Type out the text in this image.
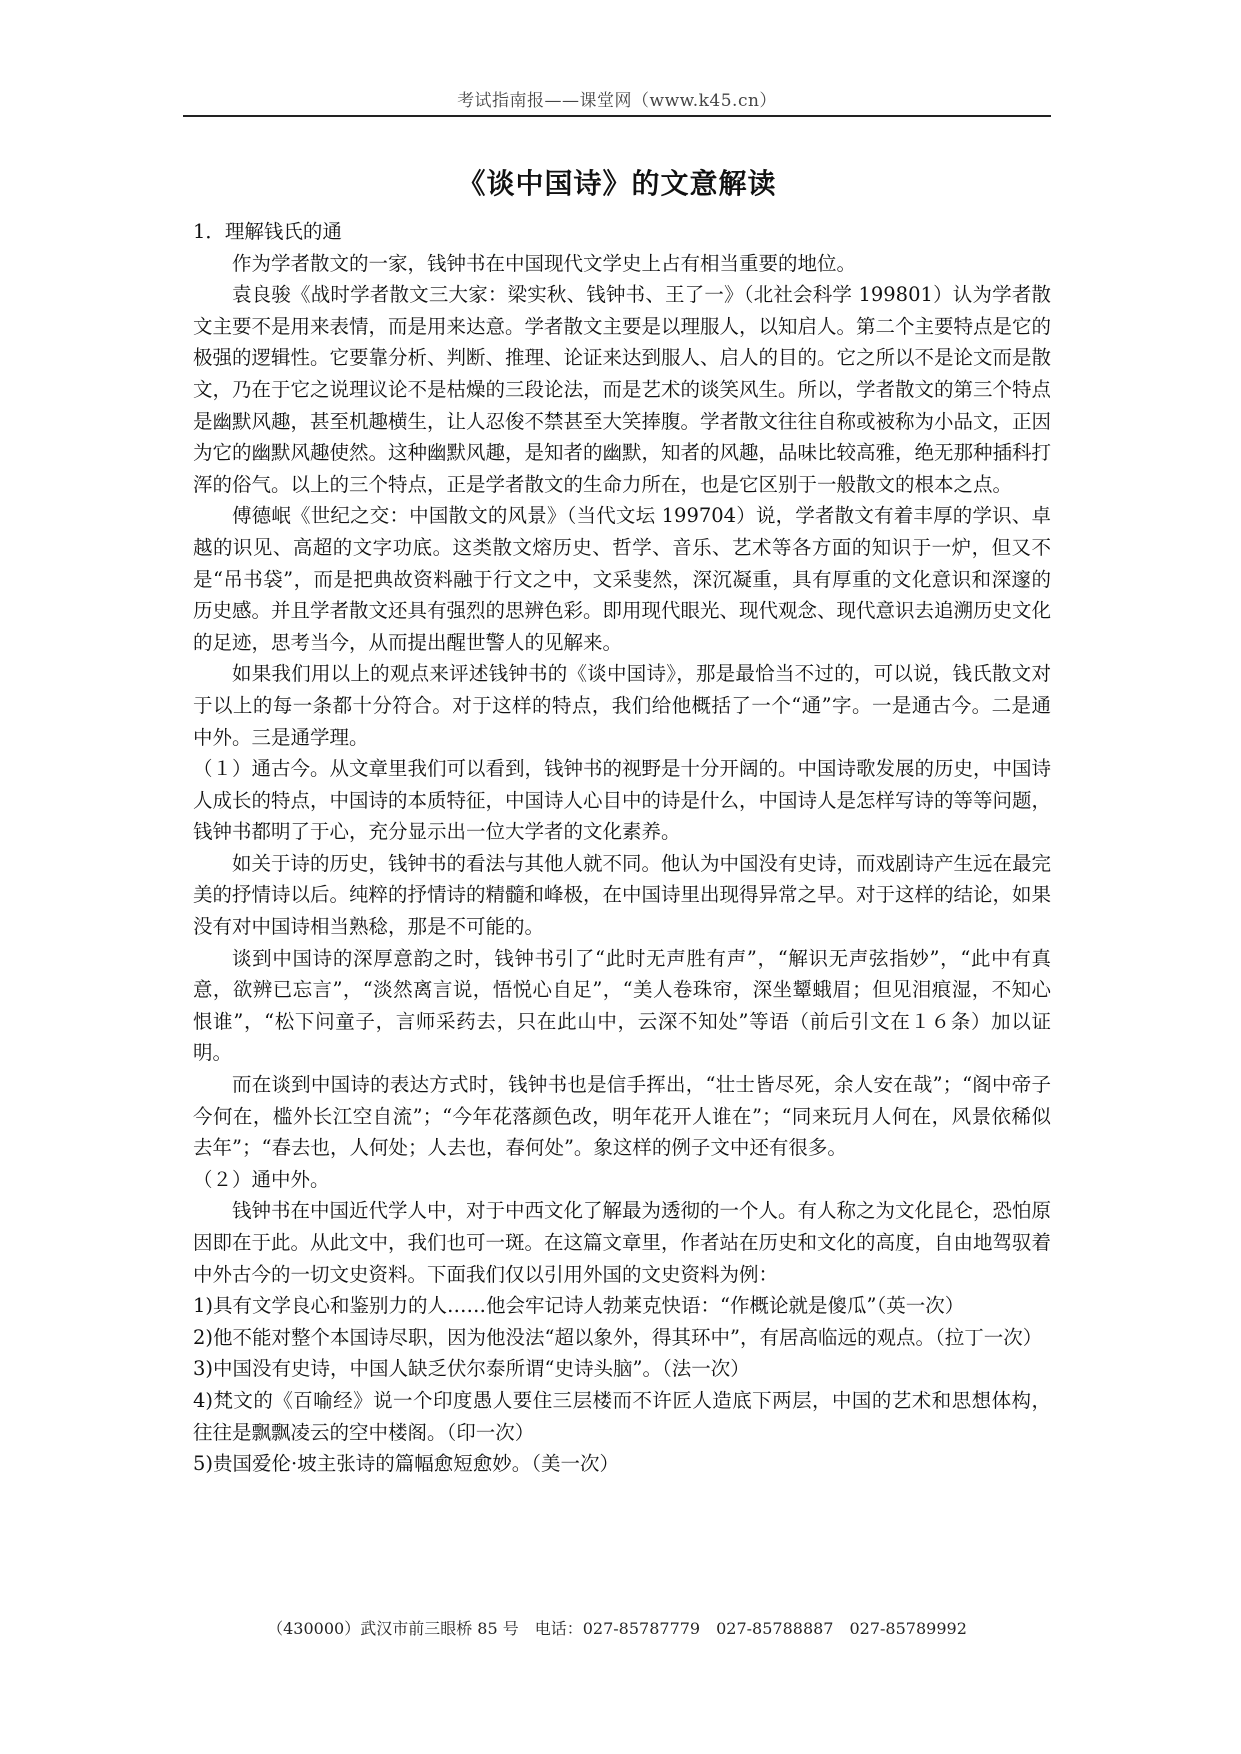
考试指南报——课堂网（www.k45.cn）
《谈中国诗》的文意解读

1．理解钱氏的通

作为学者散文的一家，钱钟书在中国现代文学史上占有相当重要的地位。

袁良骏《战时学者散文三大家：梁实秋、钱钟书、王了一》（北社会科学 199801）认为学者散文主要不是用来表情，而是用来达意。学者散文主要是以理服人，以知启人。第二个主要特点是它的极强的逻辑性。它要靠分析、判断、推理、论证来达到服人、启人的目的。它之所以不是论文而是散文，乃在于它之说理议论不是枯燥的三段论法，而是艺术的谈笑风生。所以，学者散文的第三个特点是幽默风趣，甚至机趣横生，让人忍俊不禁甚至大笑捧腹。学者散文往往自称或被称为小品文，正因为它的幽默风趣使然。这种幽默风趣，是知者的幽默，知者的风趣，品味比较高雅，绝无那种插科打浑的俗气。以上的三个特点，正是学者散文的生命力所在，也是它区别于一般散文的根本之点。

傅德岷《世纪之交：中国散文的风景》（当代文坛 199704）说，学者散文有着丰厚的学识、卓越的识见、高超的文字功底。这类散文熔历史、哲学、音乐、艺术等各方面的知识于一炉，但又不是“吊书袋”，而是把典故资料融于行文之中，文采斐然，深沉凝重，具有厚重的文化意识和深邃的历史感。并且学者散文还具有强烈的思辨色彩。即用现代眼光、现代观念、现代意识去追溯历史文化的足迹，思考当今，从而提出醒世警人的见解来。

如果我们用以上的观点来评述钱钟书的《谈中国诗》，那是最恰当不过的，可以说，钱氏散文对于以上的每一条都十分符合。对于这样的特点，我们给他概括了一个“通”字。一是通古今。二是通中外。三是通学理。

（１）通古今。从文章里我们可以看到，钱钟书的视野是十分开阔的。中国诗歌发展的历史，中国诗人成长的特点，中国诗的本质特征，中国诗人心目中的诗是什么，中国诗人是怎样写诗的等等问题，钱钟书都明了于心，充分显示出一位大学者的文化素养。

如关于诗的历史，钱钟书的看法与其他人就不同。他认为中国没有史诗，而戏剧诗产生远在最完美的抒情诗以后。纯粹的抒情诗的精髓和峰极，在中国诗里出现得异常之早。对于这样的结论，如果没有对中国诗相当熟稔，那是不可能的。

谈到中国诗的深厚意韵之时，钱钟书引了“此时无声胜有声”，“解识无声弦指妙”，“此中有真意，欲辨已忘言”，“淡然离言说，悟悦心自足”，“美人卷珠帘，深坐颦蛾眉；但见泪痕湿，不知心恨谁”，“松下问童子，言师采药去，只在此山中，云深不知处”等语（前后引文在１６条）加以证明。

而在谈到中国诗的表达方式时，钱钟书也是信手挥出，“壮士皆尽死，余人安在哉”；“阁中帝子今何在，槛外长江空自流”；“今年花落颜色改，明年花开人谁在”；“同来玩月人何在，风景依稀似去年”；“春去也，人何处；人去也，春何处”。象这样的例子文中还有很多。

（２）通中外。

钱钟书在中国近代学人中，对于中西文化了解最为透彻的一个人。有人称之为文化昆仑，恐怕原因即在于此。从此文中，我们也可一斑。在这篇文章里，作者站在历史和文化的高度，自由地驾驭着中外古今的一切文史资料。下面我们仅以引用外国的文史资料为例：

1)具有文学良心和鉴别力的人……他会牢记诗人勃莱克快语：“作概论就是傻瓜”（英一次）

2)他不能对整个本国诗尽职，因为他没法“超以象外，得其环中”，有居高临远的观点。（拉丁一次）

3)中国没有史诗，中国人缺乏伏尔泰所谓“史诗头脑”。（法一次）

4)梵文的《百喻经》说一个印度愚人要住三层楼而不许匠人造底下两层，中国的艺术和思想体构，往往是飘飘凌云的空中楼阁。（印一次）

5)贵国爱伦·坡主张诗的篇幅愈短愈妙。（美一次）

（430000）武汉市前三眼桥 85 号　电话：027-85787779　027-85788887　027-85789992
